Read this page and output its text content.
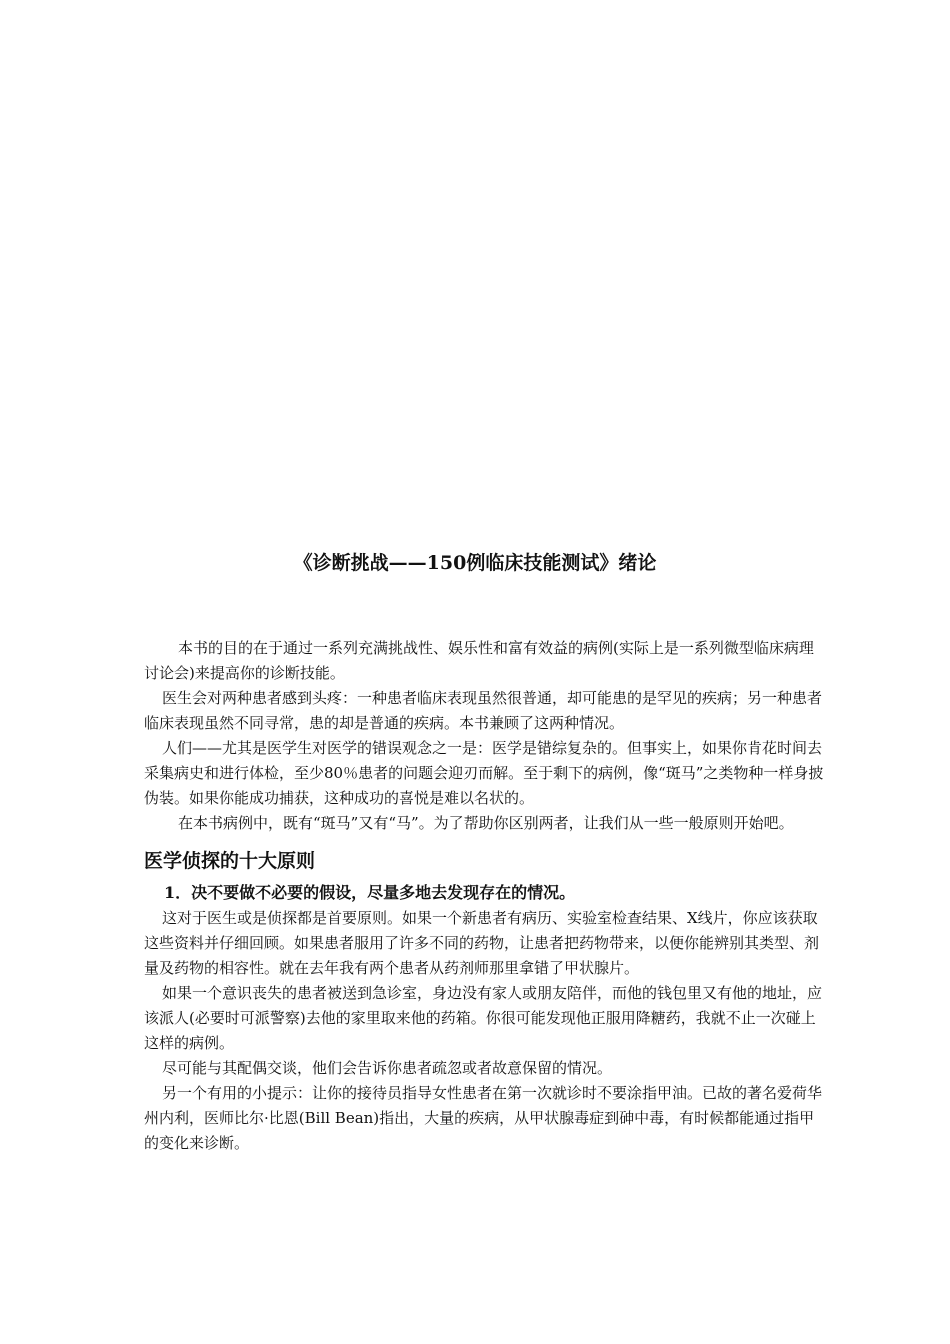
《诊断挑战——150例临床技能测试》绪论

本书的目的在于通过一系列充满挑战性、娱乐性和富有效益的病例(实际上是一系列微型临床病理讨论会)来提高你的诊断技能。

医生会对两种患者感到头疼：一种患者临床表现虽然很普通，却可能患的是罕见的疾病；另一种患者临床表现虽然不同寻常，患的却是普通的疾病。本书兼顾了这两种情况。

人们——尤其是医学生对医学的错误观念之一是：医学是错综复杂的。但事实上，如果你肯花时间去采集病史和进行体检，至少80％患者的问题会迎刃而解。至于剩下的病例，像“斑马”之类物种一样身披伪装。如果你能成功捕获，这种成功的喜悦是难以名状的。

在本书病例中，既有“斑马”又有“马”。为了帮助你区别两者，让我们从一些一般原则开始吧。

医学侦探的十大原则
1．决不要做不必要的假设，尽量多地去发现存在的情况。

这对于医生或是侦探都是首要原则。如果一个新患者有病历、实验室检查结果、X线片，你应该获取这些资料并仔细回顾。如果患者服用了许多不同的药物，让患者把药物带来，以便你能辨别其类型、剂量及药物的相容性。就在去年我有两个患者从药剂师那里拿错了甲状腺片。

如果一个意识丧失的患者被送到急诊室，身边没有家人或朋友陪伴，而他的钱包里又有他的地址，应该派人(必要时可派警察)去他的家里取来他的药箱。你很可能发现他正服用降糖药，我就不止一次碰上这样的病例。

尽可能与其配偶交谈，他们会告诉你患者疏忽或者故意保留的情况。

另一个有用的小提示：让你的接待员指导女性患者在第一次就诊时不要涂指甲油。已故的著名爱荷华州内利，医师比尔·比恩(Bill Bean)指出，大量的疾病，从甲状腺毒症到砷中毒，有时候都能通过指甲的变化来诊断。
